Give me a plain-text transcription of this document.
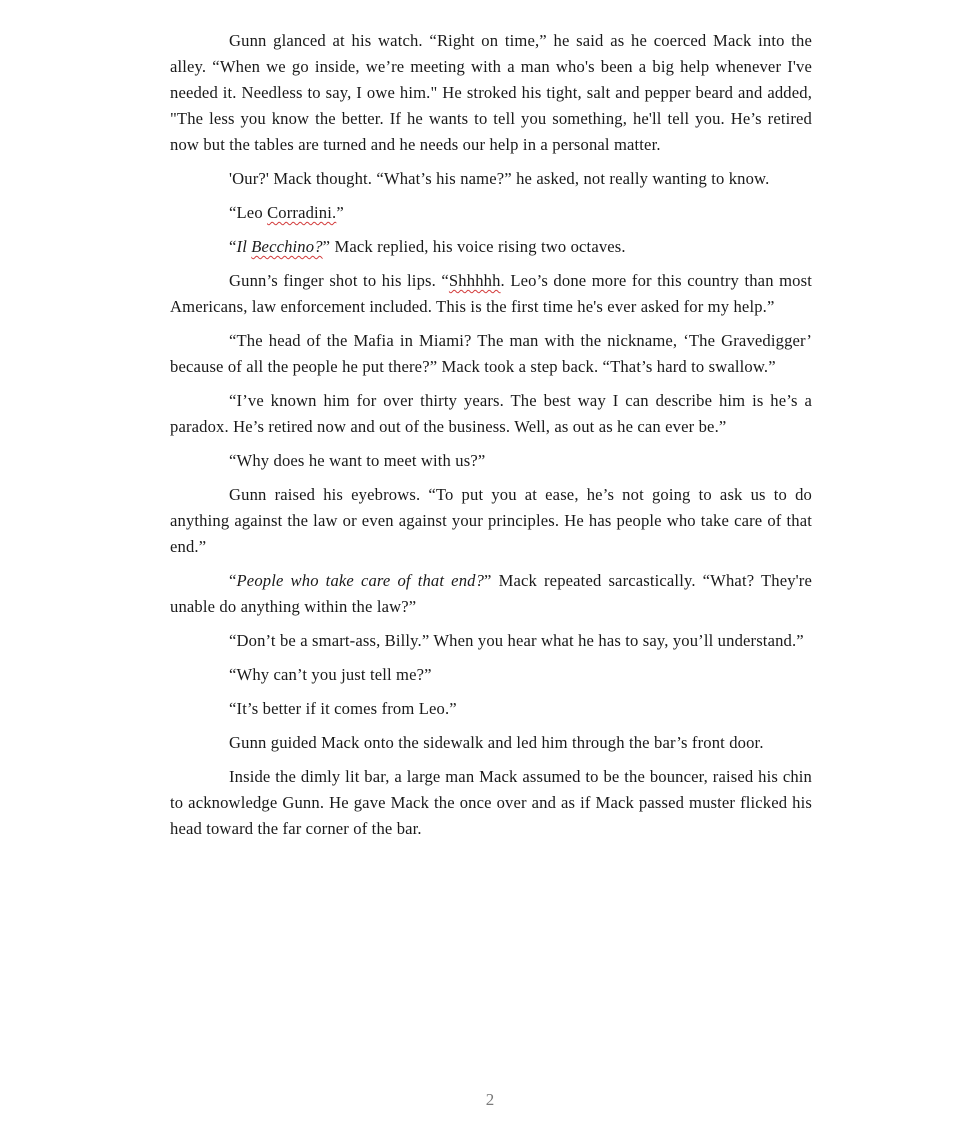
Gunn glanced at his watch. “Right on time,” he said as he coerced Mack into the alley. “When we go inside, we’re meeting with a man who's been a big help whenever I've needed it. Needless to say, I owe him." He stroked his tight, salt and pepper beard and added, "The less you know the better. If he wants to tell you something, he'll tell you. He’s retired now but the tables are turned and he needs our help in a personal matter.

'Our?' Mack thought. “What’s his name?” he asked, not really wanting to know.

“Leo Corradini.”

“Il Becchino?” Mack replied, his voice rising two octaves.

Gunn’s finger shot to his lips. “Shhhhh. Leo’s done more for this country than most Americans, law enforcement included. This is the first time he's ever asked for my help.”

“The head of the Mafia in Miami? The man with the nickname, ‘The Gravedigger’ because of all the people he put there?” Mack took a step back. “That’s hard to swallow.”

“I’ve known him for over thirty years. The best way I can describe him is he’s a paradox. He’s retired now and out of the business. Well, as out as he can ever be.”

“Why does he want to meet with us?”

Gunn raised his eyebrows. “To put you at ease, he’s not going to ask us to do anything against the law or even against your principles. He has people who take care of that end.”

“People who take care of that end?” Mack repeated sarcastically. “What? They're unable do anything within the law?”

“Don’t be a smart-ass, Billy.” When you hear what he has to say, you’ll understand.”

“Why can’t you just tell me?”

“It’s better if it comes from Leo.”

Gunn guided Mack onto the sidewalk and led him through the bar’s front door.

Inside the dimly lit bar, a large man Mack assumed to be the bouncer, raised his chin to acknowledge Gunn. He gave Mack the once over and as if Mack passed muster flicked his head toward the far corner of the bar.

2
